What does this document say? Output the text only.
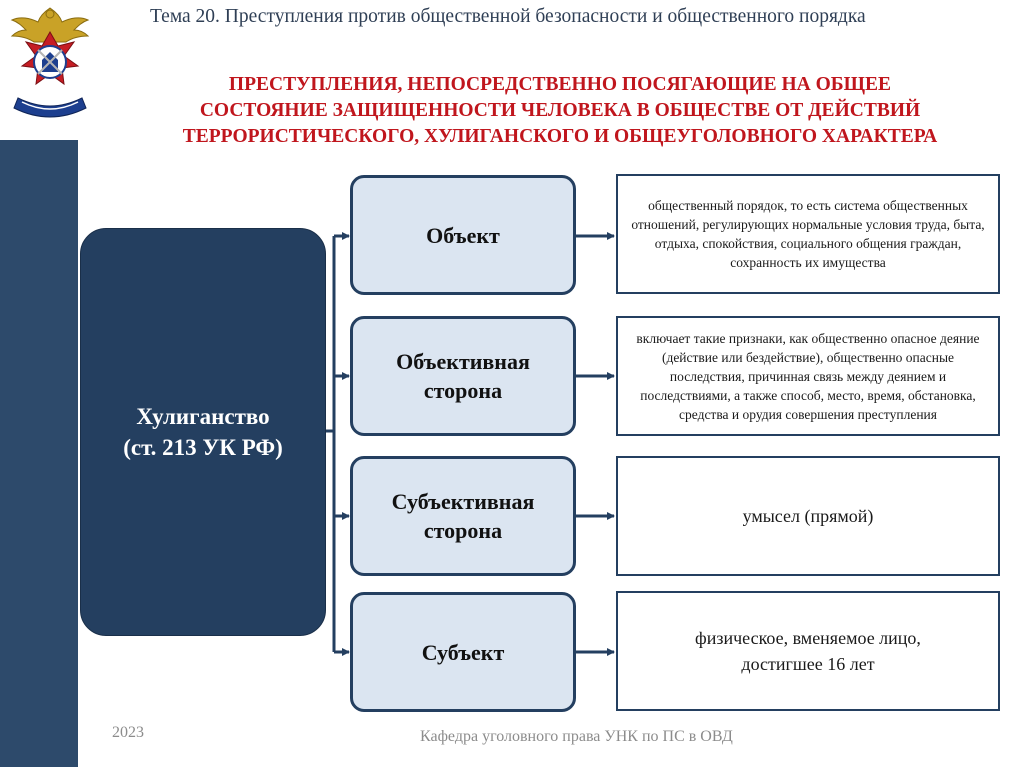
Тема 20. Преступления против общественной безопасности и общественного порядка
ПРЕСТУПЛЕНИЯ, НЕПОСРЕДСТВЕННО ПОСЯГАЮЩИЕ НА ОБЩЕЕ
СОСТОЯНИЕ ЗАЩИЩЕННОСТИ ЧЕЛОВЕКА В ОБЩЕСТВЕ ОТ ДЕЙСТВИЙ
ТЕРРОРИСТИЧЕСКОГО, ХУЛИГАНСКОГО И ОБЩЕУГОЛОВНОГО ХАРАКТЕРА
Хулиганство
(ст. 213 УК РФ)
Объект
Объективная
сторона
Субъективная
сторона
Субъект
общественный порядок, то есть система общественных отношений, регулирующих нормальные условия труда, быта, отдыха, спокойствия, социального общения граждан, сохранность их имущества
включает такие признаки, как общественно опасное деяние (действие или бездействие), общественно опасные последствия, причинная связь между деянием и последствиями, а также способ, место, время, обстановка, средства и орудия совершения преступления
умысел (прямой)
физическое, вменяемое лицо, достигшее 16 лет
2023	Кафедра уголовного права УНК по ПС в ОВД
